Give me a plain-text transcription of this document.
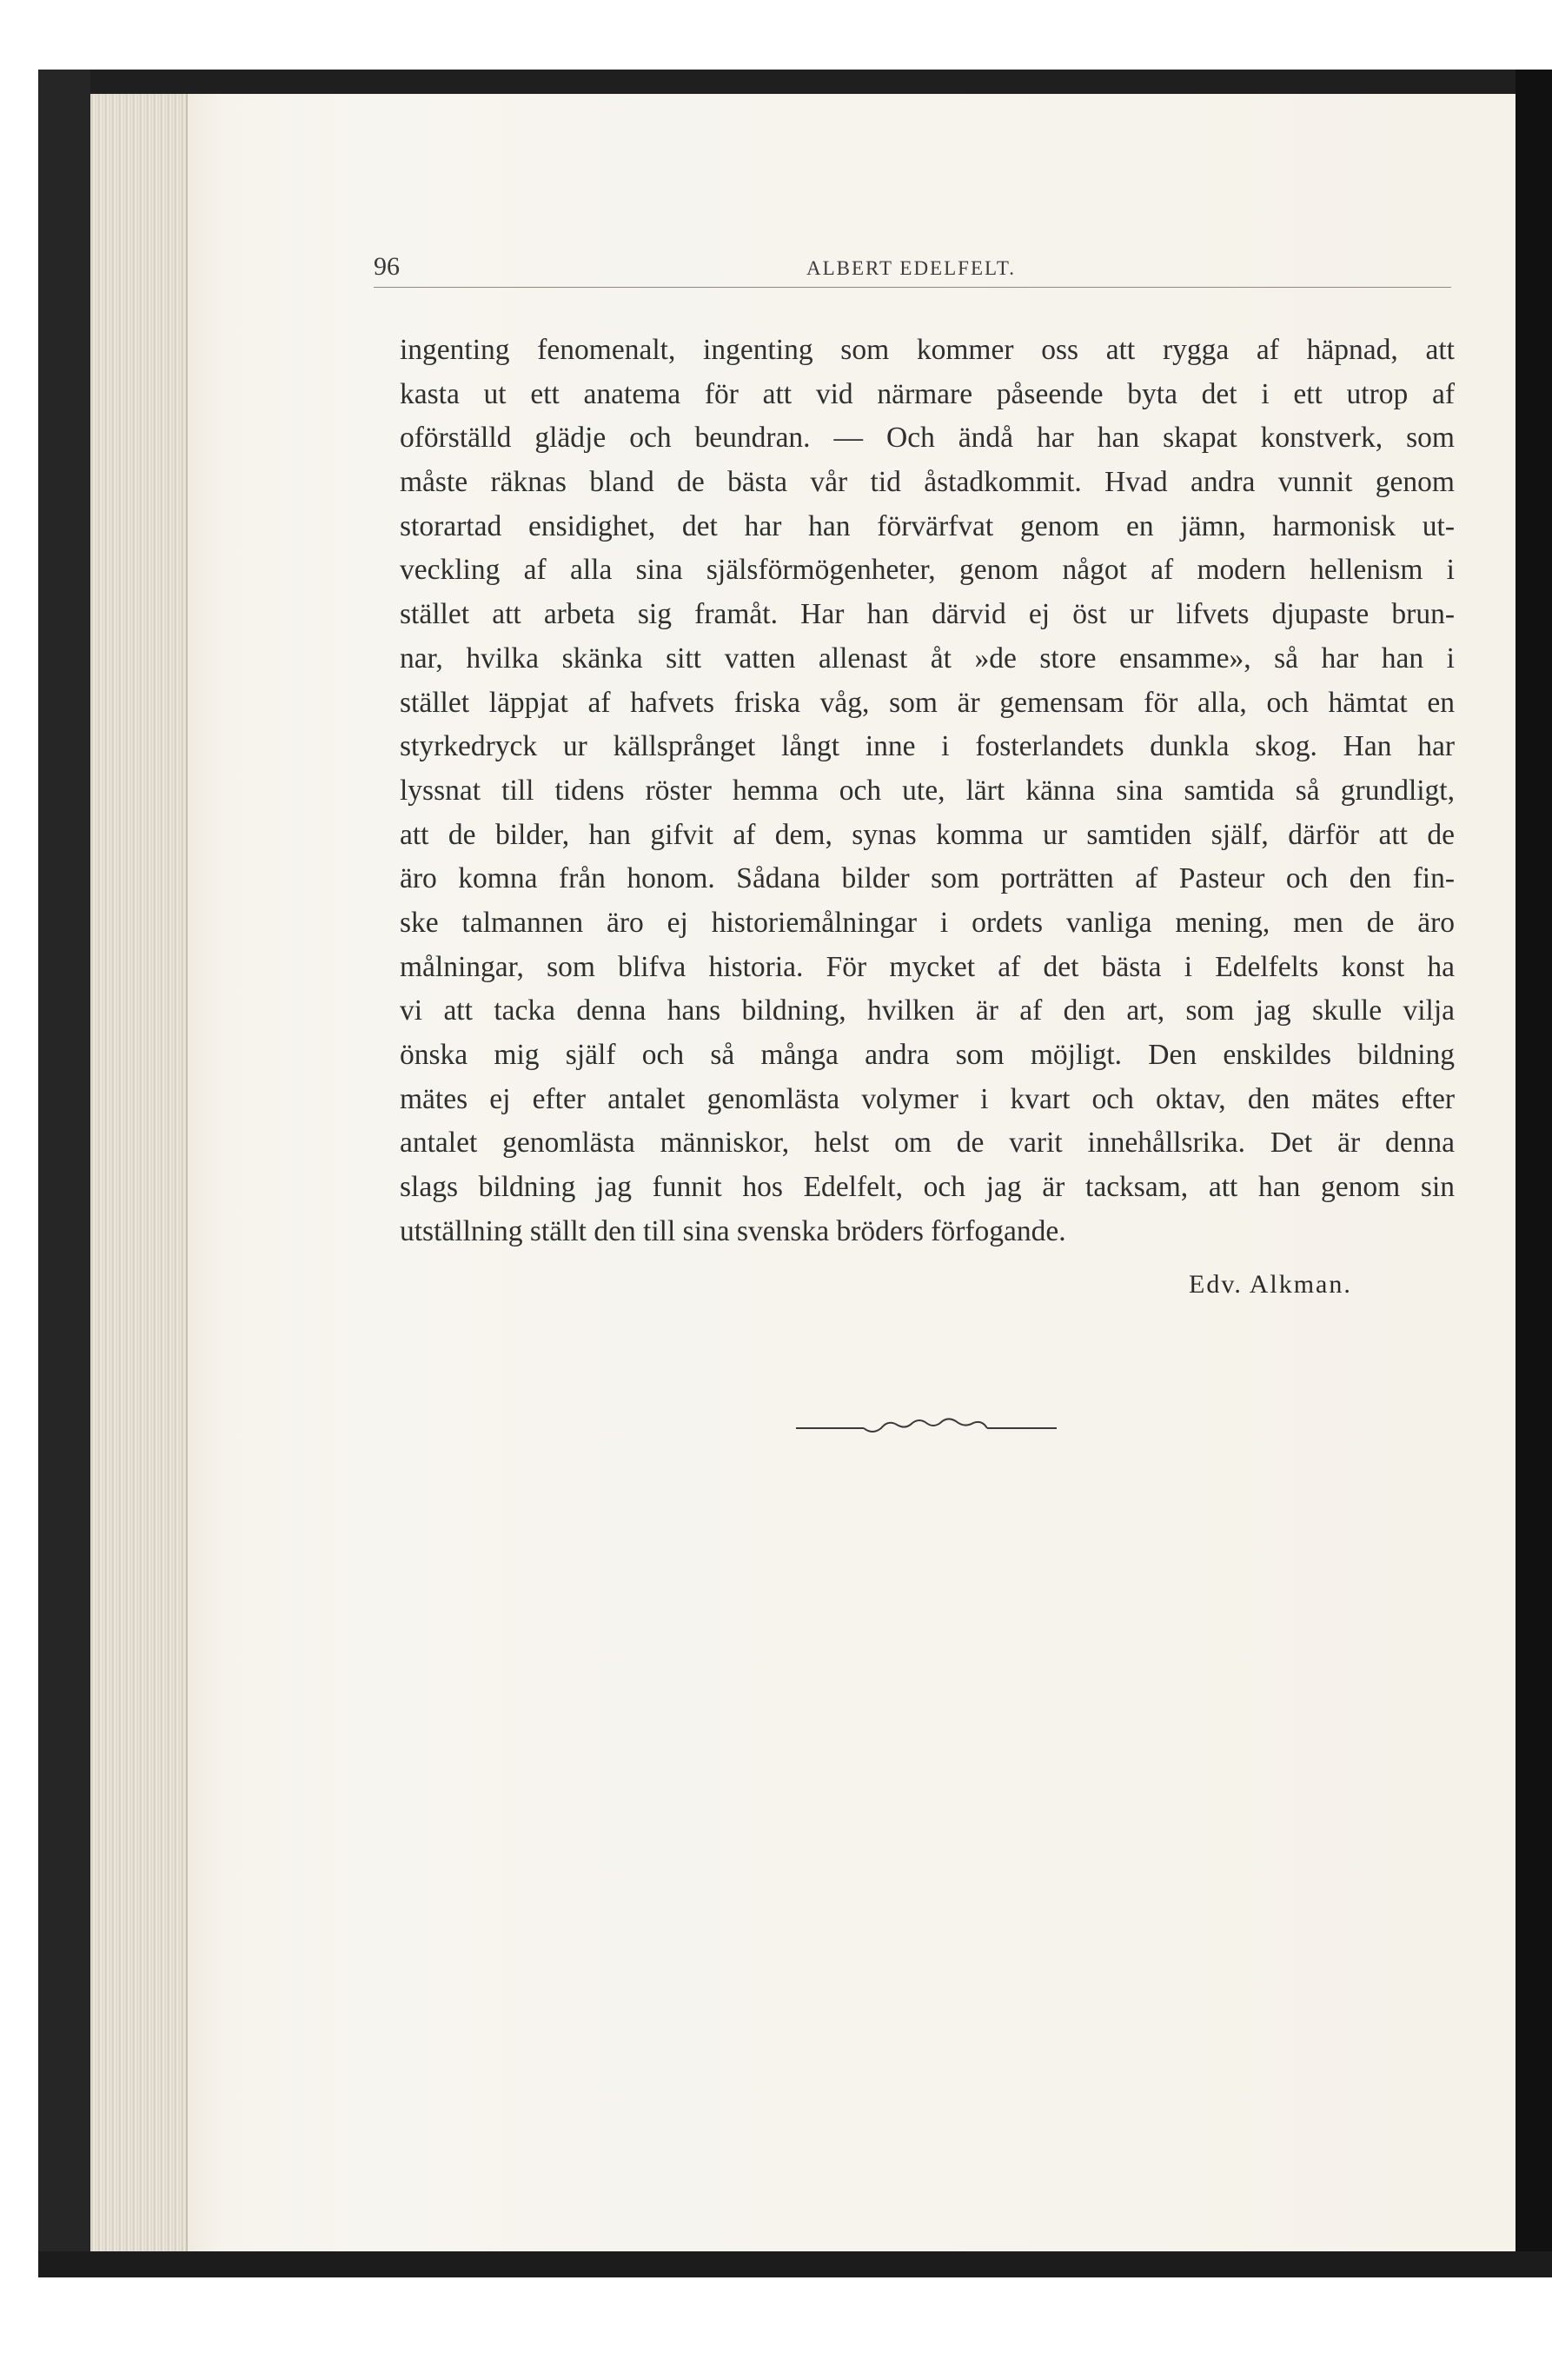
96	ALBERT EDELFELT.
ingenting fenomenalt, ingenting som kommer oss att rygga af häpnad, att
kasta ut ett anatema för att vid närmare påseende byta det i ett utrop af
oförställd glädje och beundran. — Och ändå har han skapat konstverk, som
måste räknas bland de bästa vår tid åstadkommit. Hvad andra vunnit genom
storartad ensidighet, det har han förvärfvat genom en jämn, harmonisk ut-
veckling af alla sina själsförmögenheter, genom något af modern hellenism i
stället att arbeta sig framåt. Har han därvid ej öst ur lifvets djupaste brun-
nar, hvilka skänka sitt vatten allenast åt »de store ensamme», så har han i
stället läppjat af hafvets friska våg, som är gemensam för alla, och hämtat en
styrkedryck ur källsprånget långt inne i fosterlandets dunkla skog. Han har
lyssnat till tidens röster hemma och ute, lärt känna sina samtida så grundligt,
att de bilder, han gifvit af dem, synas komma ur samtiden själf, därför att de
äro komna från honom. Sådana bilder som porträtten af Pasteur och den fin-
ske talmannen äro ej historiemålningar i ordets vanliga mening, men de äro
målningar, som blifva historia. För mycket af det bästa i Edelfelts konst ha
vi att tacka denna hans bildning, hvilken är af den art, som jag skulle vilja
önska mig själf och så många andra som möjligt. Den enskildes bildning
mätes ej efter antalet genomlästa volymer i kvart och oktav, den mätes efter
antalet genomlästa människor, helst om de varit innehållsrika. Det är denna
slags bildning jag funnit hos Edelfelt, och jag är tacksam, att han genom sin
utställning ställt den till sina svenska bröders förfogande.
Edv. Alkman.
